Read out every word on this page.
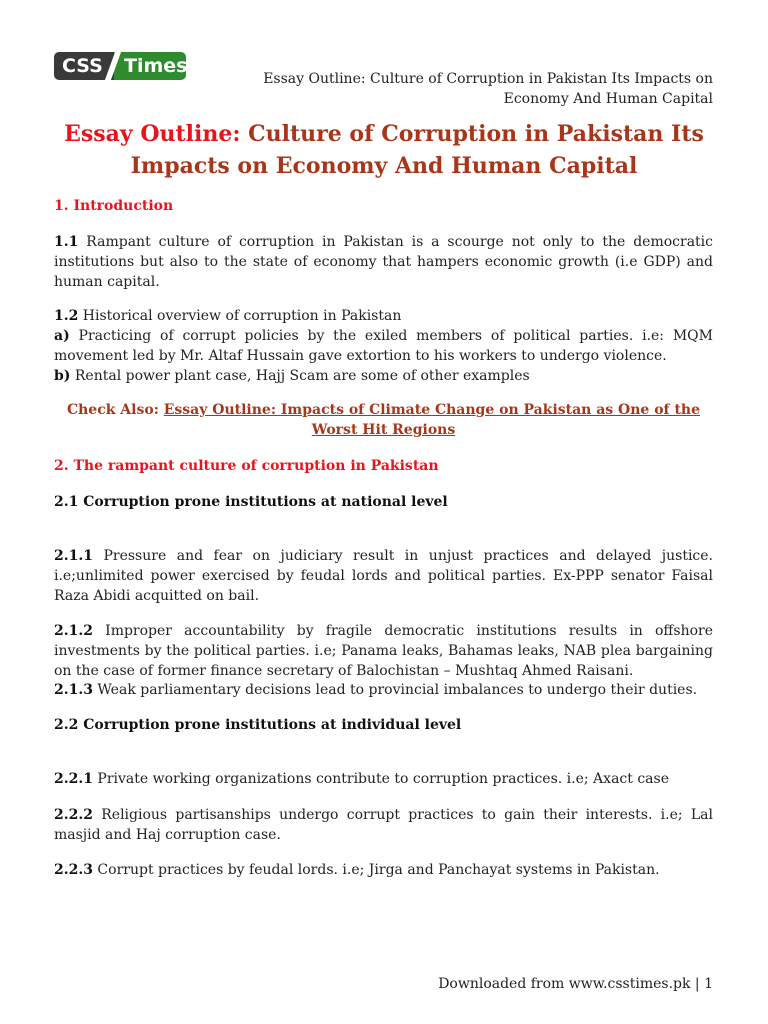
CSS	Times
Essay Outline: Culture of Corruption in Pakistan Its Impacts on Economy And Human Capital
Essay Outline: Culture of Corruption in Pakistan Its Impacts on Economy And Human Capital
1. Introduction
1.1 Rampant culture of corruption in Pakistan is a scourge not only to the democratic institutions but also to the state of economy that hampers economic growth (i.e GDP) and human capital.
1.2 Historical overview of corruption in Pakistan
a) Practicing of corrupt policies by the exiled members of political parties. i.e: MQM movement led by Mr. Altaf Hussain gave extortion to his workers to undergo violence.
b) Rental power plant case, Hajj Scam are some of other examples
Check Also: Essay Outline: Impacts of Climate Change on Pakistan as One of the Worst Hit Regions
2. The rampant culture of corruption in Pakistan
2.1 Corruption prone institutions at national level
2.1.1 Pressure and fear on judiciary result in unjust practices and delayed justice. i.e;unlimited power exercised by feudal lords and political parties. Ex-PPP senator Faisal Raza Abidi acquitted on bail.
2.1.2 Improper accountability by fragile democratic institutions results in offshore investments by the political parties. i.e; Panama leaks, Bahamas leaks, NAB plea bargaining on the case of former finance secretary of Balochistan – Mushtaq Ahmed Raisani.
2.1.3 Weak parliamentary decisions lead to provincial imbalances to undergo their duties.
2.2 Corruption prone institutions at individual level
2.2.1 Private working organizations contribute to corruption practices. i.e; Axact case
2.2.2 Religious partisanships undergo corrupt practices to gain their interests. i.e; Lal masjid and Haj corruption case.
2.2.3 Corrupt practices by feudal lords. i.e; Jirga and Panchayat systems in Pakistan.
Downloaded from www.csstimes.pk | 1
